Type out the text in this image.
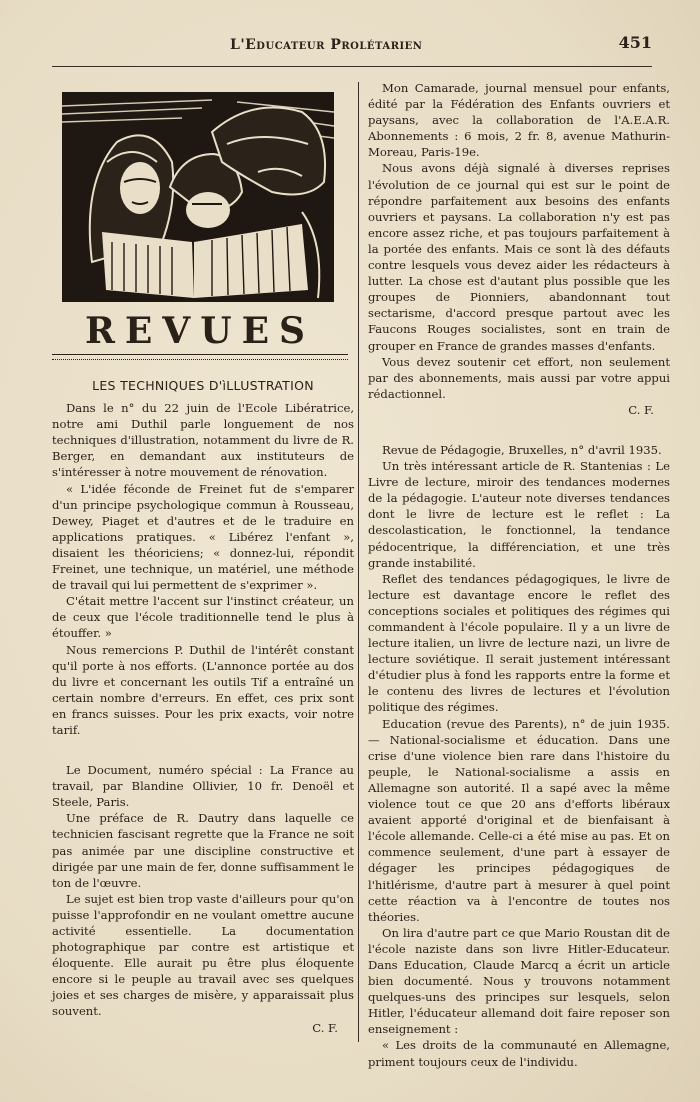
L'Educateur Prolétarien	451
REVUES

LES TECHNIQUES D'ìLLUSTRATION

Dans le n° du 22 juin de l'Ecole Libératrice, notre ami Duthil parle longuement de nos techniques d'illustration, notamment du livre de R. Berger, en demandant aux instituteurs de s'intéresser à notre mouvement de rénovation.

« L'idée féconde de Freinet fut de s'emparer d'un principe psychologique commun à Rousseau, Dewey, Piaget et d'autres et de le traduire en applications pratiques. « Libérez l'enfant », disaient les théoriciens; « donnez-lui, répondit Freinet, une technique, un matériel, une méthode de travail qui lui permettent de s'exprimer ».

C'était mettre l'accent sur l'instinct créateur, un de ceux que l'école traditionnelle tend le plus à étouffer. »

Nous remercions P. Duthil de l'intérêt constant qu'il porte à nos efforts. (L'annonce portée au dos du livre et concernant les outils Tif a entraîné un certain nombre d'erreurs. En effet, ces prix sont en francs suisses. Pour les prix exacts, voir notre tarif.

Le Document, numéro spécial : La France au travail, par Blandine Ollivier, 10 fr. Denoël et Steele, Paris.

Une préface de R. Dautry dans laquelle ce technicien fascisant regrette que la France ne soit pas animée par une discipline constructive et dirigée par une main de fer, donne suffisamment le ton de l'œuvre.

Le sujet est bien trop vaste d'ailleurs pour qu'on puisse l'approfondir en ne voulant omettre aucune activité essentielle. La documentation photographique par contre est artistique et éloquente. Elle aurait pu être plus éloquente encore si le peuple au travail avec ses quelques joies et ses charges de misère, y apparaissait plus souvent.

C. F.

Mon Camarade, journal mensuel pour enfants, édité par la Fédération des Enfants ouvriers et paysans, avec la collaboration de l'A.E.A.R. Abonnements : 6 mois, 2 fr. 8, avenue Mathurin-Moreau, Paris-19e.

Nous avons déjà signalé à diverses reprises l'évolution de ce journal qui est sur le point de répondre parfaitement aux besoins des enfants ouvriers et paysans. La collaboration n'y est pas encore assez riche, et pas toujours parfaitement à la portée des enfants. Mais ce sont là des défauts contre lesquels vous devez aider les rédacteurs à lutter. La chose est d'autant plus possible que les groupes de Pionniers, abandonnant tout sectarisme, d'accord presque partout avec les Faucons Rouges socialistes, sont en train de grouper en France de grandes masses d'enfants.

Vous devez soutenir cet effort, non seulement par des abonnements, mais aussi par votre appui rédactionnel.

C. F.

Revue de Pédagogie, Bruxelles, n° d'avril 1935.

Un très intéressant article de R. Stantenias : Le Livre de lecture, miroir des tendances modernes de la pédagogie. L'auteur note diverses tendances dont le livre de lecture est le reflet : La descolastication, le fonctionnel, la tendance pédocentrique, la différenciation, et une très grande instabilité.

Reflet des tendances pédagogiques, le livre de lecture est davantage encore le reflet des conceptions sociales et politiques des régimes qui commandent à l'école populaire. Il y a un livre de lecture italien, un livre de lecture nazi, un livre de lecture soviétique. Il serait justement intéressant d'étudier plus à fond les rapports entre la forme et le contenu des livres de lectures et l'évolution politique des régimes.

Education (revue des Parents), n° de juin 1935. — National-socialisme et éducation. Dans une crise d'une violence bien rare dans l'histoire du peuple, le National-socialisme a assis en Allemagne son autorité. Il a sapé avec la même violence tout ce que 20 ans d'efforts libéraux avaient apporté d'original et de bienfaisant à l'école allemande. Celle-ci a été mise au pas. Et on commence seulement, d'une part à essayer de dégager les principes pédagogiques de l'hitlérisme, d'autre part à mesurer à quel point cette réaction va à l'encontre de toutes nos théories.

On lira d'autre part ce que Mario Roustan dit de l'école naziste dans son livre Hitler-Educateur. Dans Education, Claude Marcq a écrit un article bien documenté. Nous y trouvons notamment quelques-uns des principes sur lesquels, selon Hitler, l'éducateur allemand doit faire reposer son enseignement :

« Les droits de la communauté en Allemagne, priment toujours ceux de l'individu.
